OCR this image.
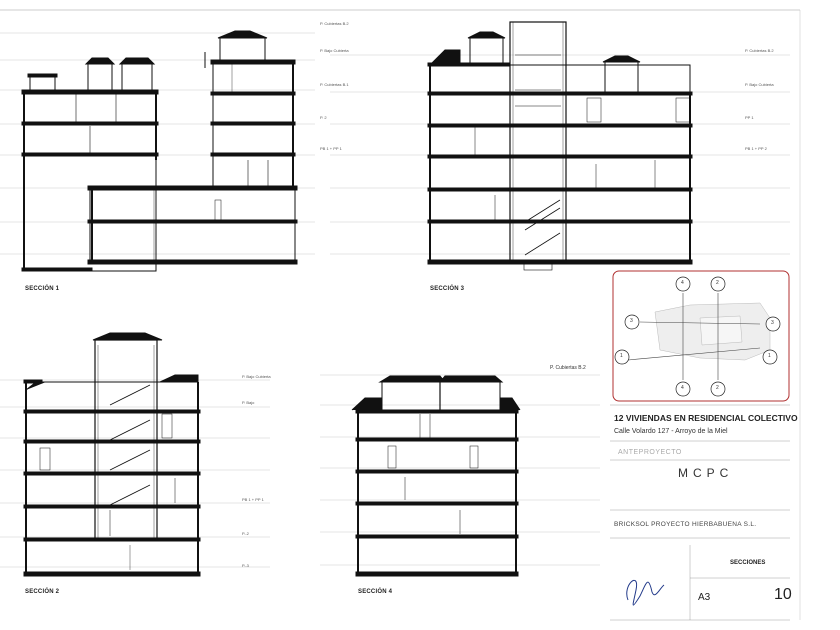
P. Cubiertas B.2
P. Bajo Cubierta
P. Cubiertas B.1
P. 2
PB 1 + PP 1
P. Cubiertas B.2
P. Bajo Cubierta
PP 1
PB 1 + PP 2
P. Bajo Cubierta
P. Bajo
PB 1 + PP 1
P.-2
P.-3
P. Cubiertas B.2
SECCIÓN 1	SECCIÓN 3
SECCIÓN 2	SECCIÓN 4
4	2
3
1	1
4	2
3
12 VIVIENDAS EN RESIDENCIAL COLECTIVO
Calle Volardo 127 - Arroyo de la Miel
ANTEPROYECTO
MCPC
BRICKSOL PROYECTO HIERBABUENA S.L.
SECCIONES
A3	10
